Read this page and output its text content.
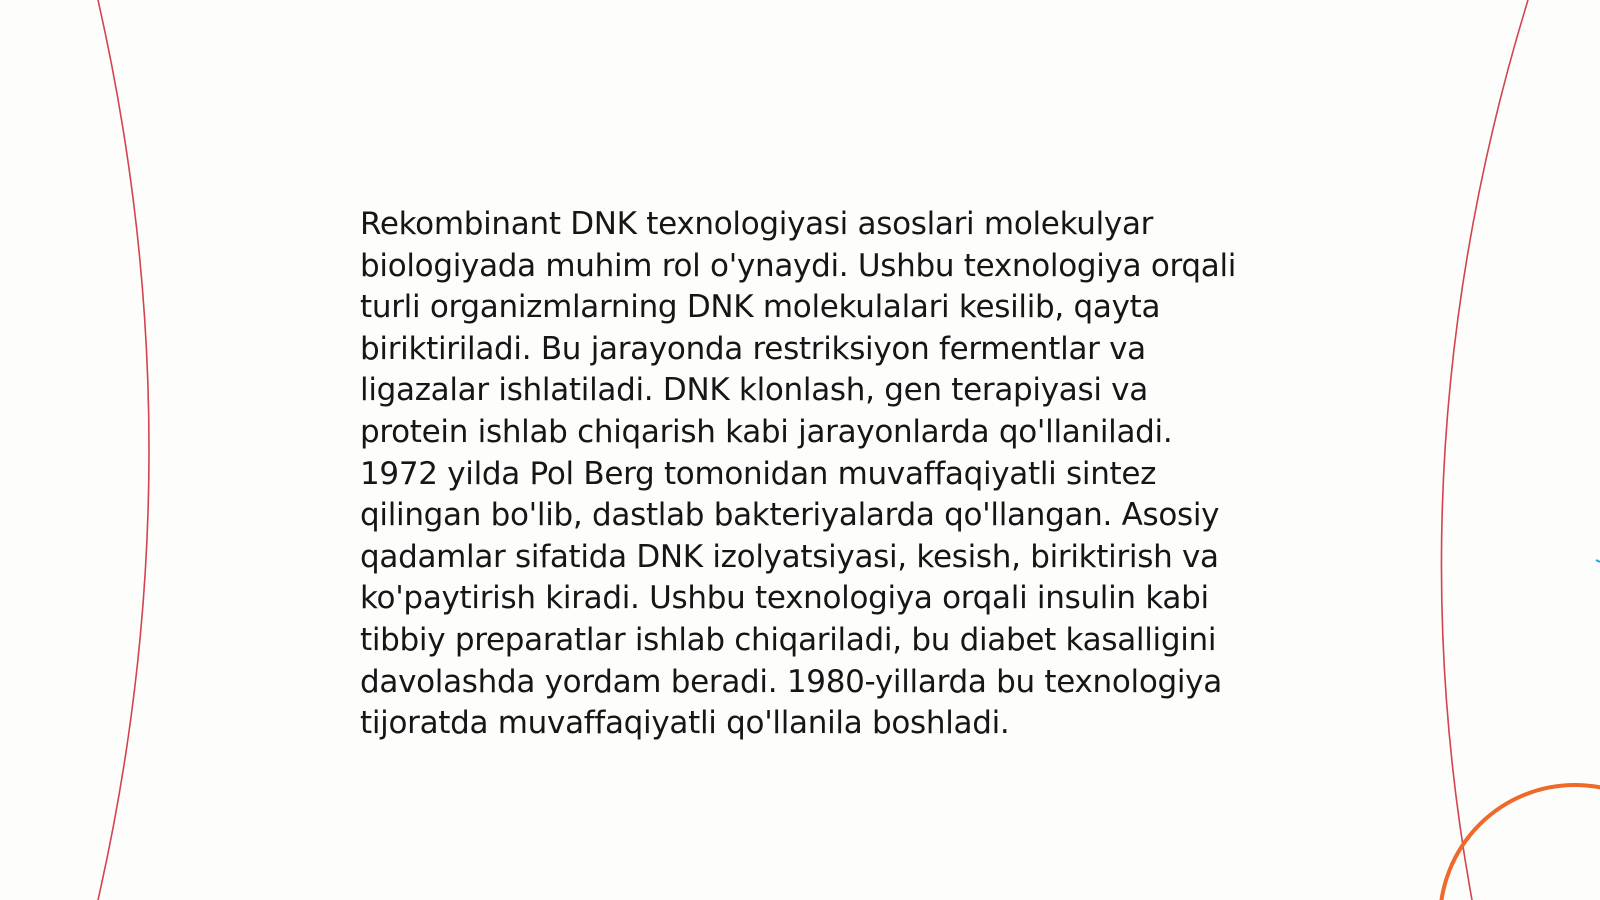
Rekombinant DNK texnologiyasi asoslari molekulyar biologiyada muhim rol o'ynaydi. Ushbu texnologiya orqali turli organizmlarning DNK molekulalari kesilib, qayta biriktiriladi. Bu jarayonda restriksiyon fermentlar va ligazalar ishlatiladi. DNK klonlash, gen terapiyasi va protein ishlab chiqarish kabi jarayonlarda qo'llaniladi. 1972 yilda Pol Berg tomonidan muvaffaqiyatli sintez qilingan bo'lib, dastlab bakteriyalarda qo'llangan. Asosiy qadamlar sifatida DNK izolyatsiyasi, kesish, biriktirish va ko'paytirish kiradi. Ushbu texnologiya orqali insulin kabi tibbiy preparatlar ishlab chiqariladi, bu diabet kasalligini davolashda yordam beradi. 1980-yillarda bu texnologiya tijoratda muvaffaqiyatli qo'llanila boshladi.
